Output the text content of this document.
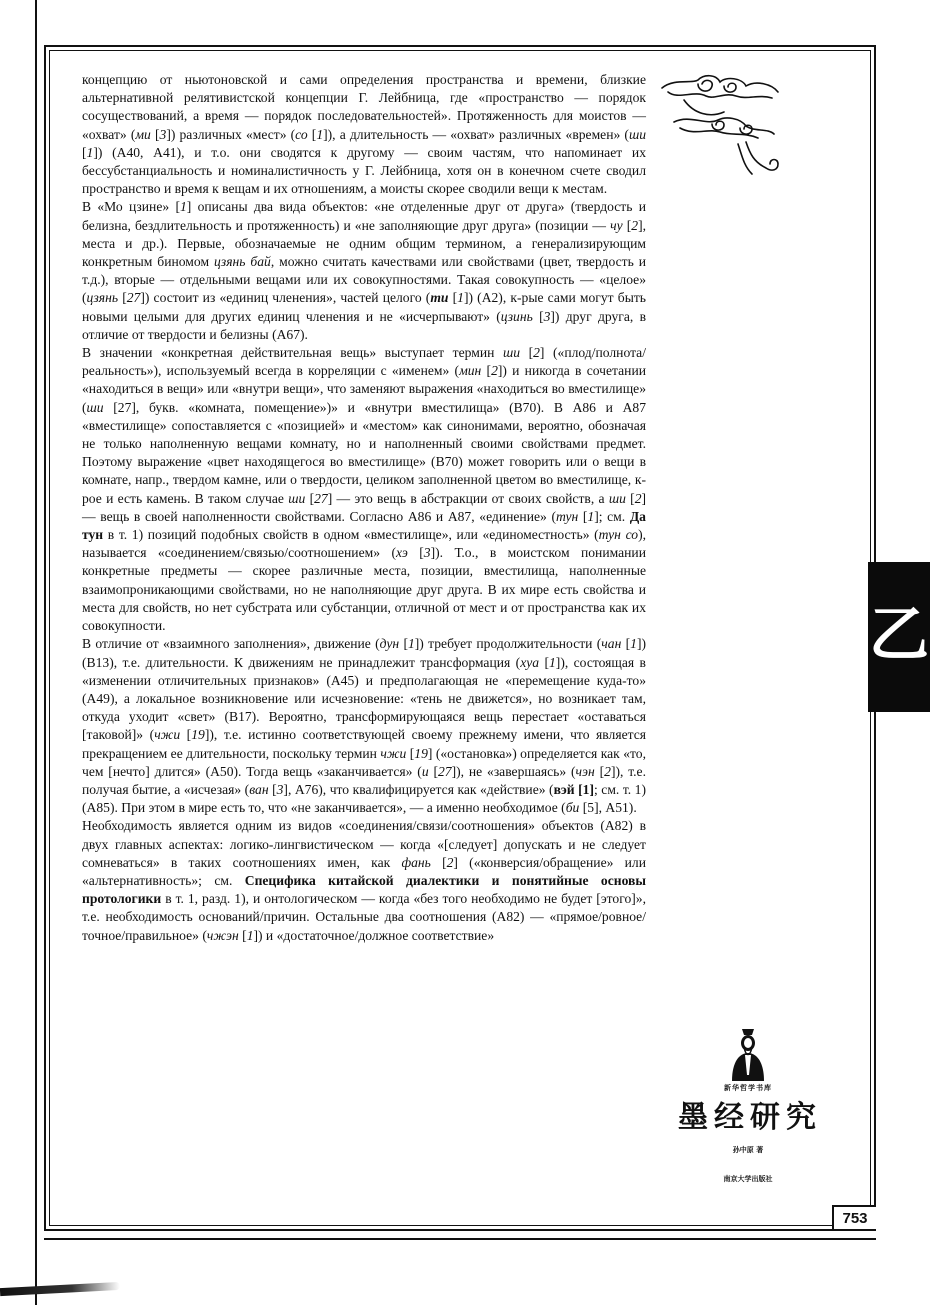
концепцию от ньютоновской и сами определения пространства и времени, близкие альтернативной релятивистской концепции Г. Лейбница, где «пространство — порядок сосуществований, а время — порядок последовательностей». Протяженность для моистов — «охват» (ми [3]) различных «мест» (со [1]), а длительность — «охват» различных «времен» (ши [1]) (А40, А41), и т.о. они сводятся к другому — своим частям, что напоминает их бессубстанциальность и номиналистичность у Г. Лейбница, хотя он в конечном счете сводил пространство и время к вещам и их отношениям, а моисты скорее сводили вещи к местам.

В «Мо цзине» [1] описаны два вида объектов: «не отделенные друг от друга» (твердость и белизна, бездлительность и протяженность) и «не заполняющие друг друга» (позиции — чу [2], места и др.). Первые, обозначаемые не одним общим термином, а генерализирующим конкретным биномом цзянь бай, можно считать качествами или свойствами (цвет, твердость и т.д.), вторые — отдельными вещами или их совокупностями. Такая совокупность — «целое» (цзянь [27]) состоит из «единиц членения», частей целого (ти [1]) (А2), к-рые сами могут быть новыми целыми для других единиц членения и не «исчерпывают» (цзинь [3]) друг друга, в отличие от твердости и белизны (А67).

В значении «конкретная действительная вещь» выступает термин ши [2] («плод/полнота/реальность»), используемый всегда в корреляции с «именем» (мин [2]) и никогда в сочетании «находиться в вещи» или «внутри вещи», что заменяют выражения «находиться во вместилище» (ши [27], букв. «комната, помещение»)» и «внутри вместилища» (В70). В А86 и А87 «вместилище» сопоставляется с «позицией» и «местом» как синонимами, вероятно, обозначая не только наполненную вещами комнату, но и наполненный своими свойствами предмет. Поэтому выражение «цвет находящегося во вместилище» (В70) может говорить или о вещи в комнате, напр., твердом камне, или о твердости, целиком заполненной цветом во вместилище, к-рое и есть камень. В таком случае ши [27] — это вещь в абстракции от своих свойств, а ши [2] — вещь в своей наполненности свойствами. Согласно А86 и А87, «единение» (тун [1]; см. Да тун в т. 1) позиций подобных свойств в одном «вместилище», или «единоместность» (тун со), называется «соединением/связью/соотношением» (хэ [3]). Т.о., в моистском понимании конкретные предметы — скорее различные места, позиции, вместилища, наполненные взаимопроникающими свойствами, но не наполняющие друг друга. В их мире есть свойства и места для свойств, но нет субстрата или субстанции, отличной от мест и от пространства как их совокупности.

В отличие от «взаимного заполнения», движение (дун [1]) требует продолжительности (чан [1]) (В13), т.е. длительности. К движениям не принадлежит трансформация (хуа [1]), состоящая в «изменении отличительных признаков» (А45) и предполагающая не «перемещение куда-то» (А49), а локальное возникновение или исчезновение: «тень не движется», но возникает там, откуда уходит «свет» (В17). Вероятно, трансформирующаяся вещь перестает «оставаться [таковой]» (чжи [19]), т.е. истинно соответствующей своему прежнему имени, что является прекращением ее длительности, поскольку термин чжи [19] («остановка») определяется как «то, чем [нечто] длится» (А50). Тогда вещь «заканчивается» (и [27]), не «завершаясь» (чэн [2]), т.е. получая бытие, а «исчезая» (ван [3], А76), что квалифицируется как «действие» (вэй [1]; см. т. 1) (А85). При этом в мире есть то, что «не заканчивается», — а именно необходимое (би [5], А51).

Необходимость является одним из видов «соединения/связи/соотношения» объектов (А82) в двух главных аспектах: логико-лингвистическом — когда «[следует] допускать и не следует сомневаться» в таких соотношениях имен, как фань [2] («конверсия/обращение» или «альтернативность»; см. Специфика китайской диалектики и понятийные основы протологики в т. 1, разд. 1), и онтологическом — когда «без того необходимо не будет [этого]», т.е. необходимость оснований/причин. Остальные два соотношения (А82) — «прямое/ровное/точное/правильное» (чжэн [1]) и «достаточное/должное соответствие»

乙
新华哲学书库
墨经研究
孙中原 著
南京大学出版社
753
